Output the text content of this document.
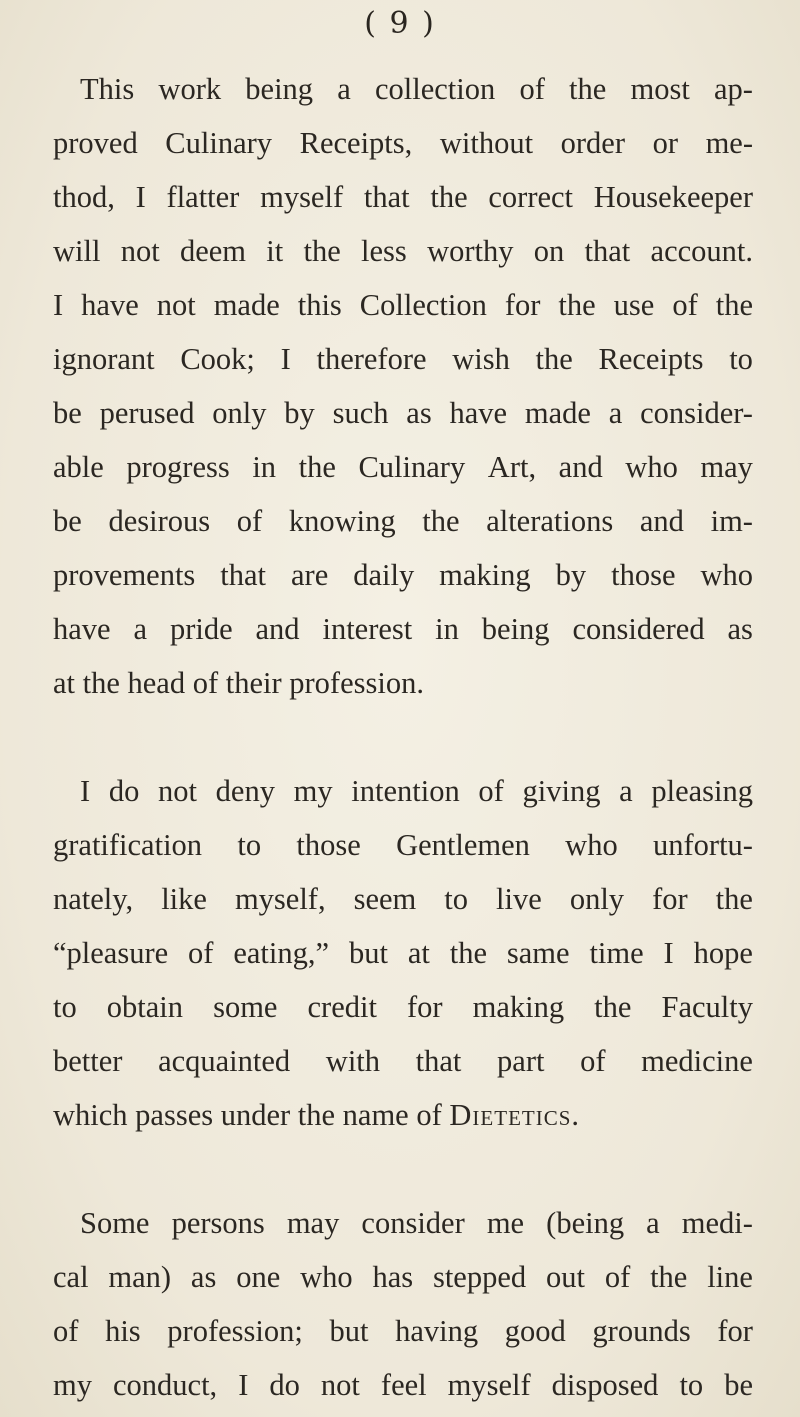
( 9 )
This work being a collection of the most ap-
proved Culinary Receipts, without order or me-
thod, I flatter myself that the correct Housekeeper
will not deem it the less worthy on that account.
I have not made this Collection for the use of the
ignorant Cook; I therefore wish the Receipts to
be perused only by such as have made a consider-
able progress in the Culinary Art, and who may
be desirous of knowing the alterations and im-
provements that are daily making by those who
have a pride and interest in being considered as
at the head of their profession.
I do not deny my intention of giving a pleasing
gratification to those Gentlemen who unfortu-
nately, like myself, seem to live only for the
“pleasure of eating,” but at the same time I hope
to obtain some credit for making the Faculty
better acquainted with that part of medicine
which passes under the name of Dietetics.
Some persons may consider me (being a medi-
cal man) as one who has stepped out of the line
of his profession; but having good grounds for
my conduct, I do not feel myself disposed to be
